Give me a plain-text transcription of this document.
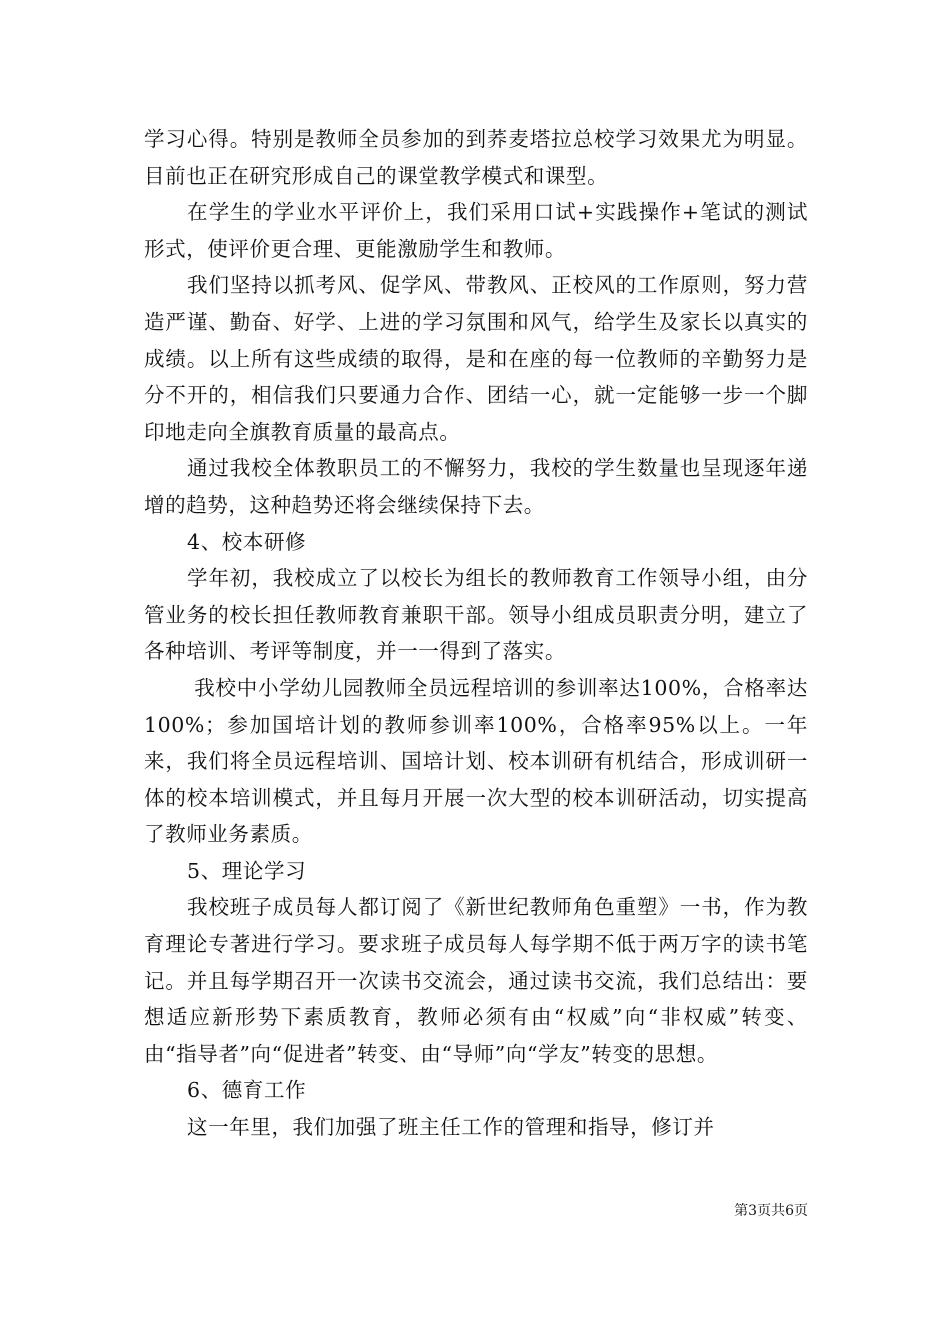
学习心得。特别是教师全员参加的到荞麦塔拉总校学习效果尤为明显。目前也正在研究形成自己的课堂教学模式和课型。

在学生的学业水平评价上，我们采用口试+实践操作+笔试的测试形式，使评价更合理、更能激励学生和教师。

我们坚持以抓考风、促学风、带教风、正校风的工作原则，努力营造严谨、勤奋、好学、上进的学习氛围和风气，给学生及家长以真实的成绩。以上所有这些成绩的取得，是和在座的每一位教师的辛勤努力是分不开的，相信我们只要通力合作、团结一心，就一定能够一步一个脚印地走向全旗教育质量的最高点。

通过我校全体教职员工的不懈努力，我校的学生数量也呈现逐年递增的趋势，这种趋势还将会继续保持下去。

4、校本研修

学年初，我校成立了以校长为组长的教师教育工作领导小组，由分管业务的校长担任教师教育兼职干部。领导小组成员职责分明，建立了各种培训、考评等制度，并一一得到了落实。

我校中小学幼儿园教师全员远程培训的参训率达100%，合格率达100%；参加国培计划的教师参训率100%，合格率95%以上。一年来，我们将全员远程培训、国培计划、校本训研有机结合，形成训研一体的校本培训模式，并且每月开展一次大型的校本训研活动，切实提高了教师业务素质。

5、理论学习

我校班子成员每人都订阅了《新世纪教师角色重塑》一书，作为教育理论专著进行学习。要求班子成员每人每学期不低于两万字的读书笔记。并且每学期召开一次读书交流会，通过读书交流，我们总结出：要想适应新形势下素质教育，教师必须有由“权威”向“非权威”转变、由“指导者”向“促进者”转变、由“导师”向“学友”转变的思想。

6、德育工作

这一年里，我们加强了班主任工作的管理和指导，修订并

第3页共6页
